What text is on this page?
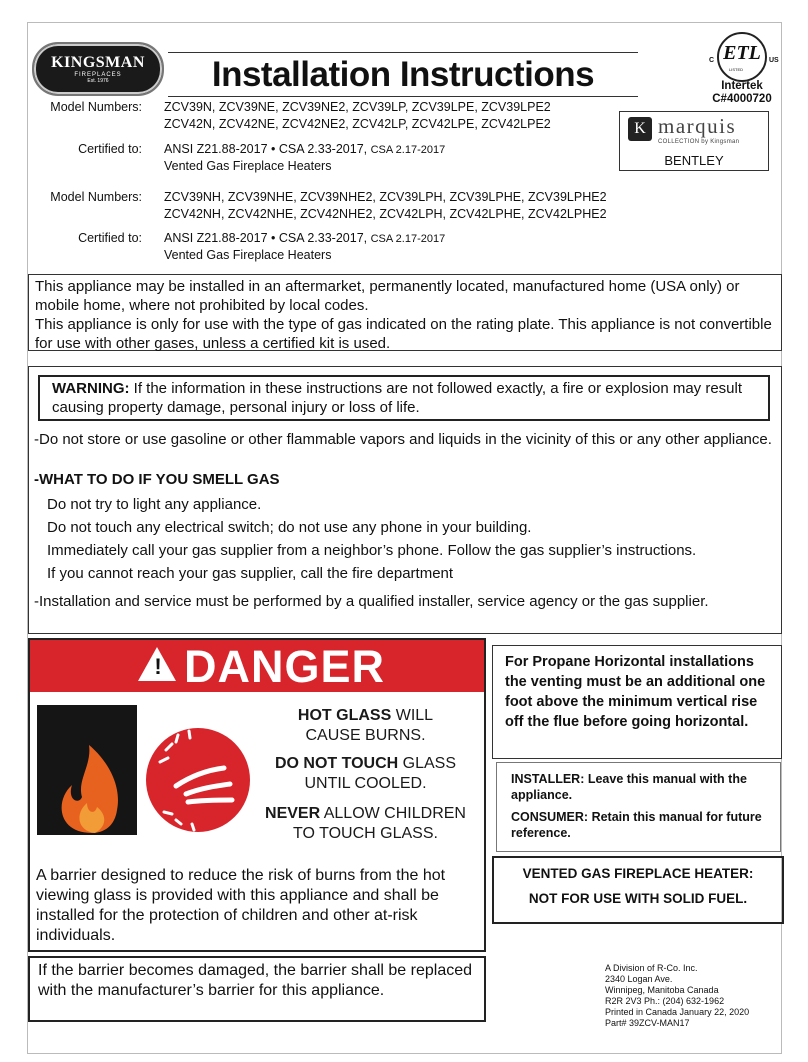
KINGSMAN
FIREPLACES
Est. 1976	Installation Instructions
ETL
C	US
LISTED
Intertek
C#4000720
K marquis
COLLECTION by Kingsman
BENTLEY
Model Numbers: ZCV39N, ZCV39NE, ZCV39NE2, ZCV39LP, ZCV39LPE, ZCV39LPE2
ZCV42N, ZCV42NE, ZCV42NE2, ZCV42LP, ZCV42LPE, ZCV42LPE2
Certified to: ANSI Z21.88-2017 • CSA 2.33-2017, CSA 2.17-2017
Vented Gas Fireplace Heaters
Model Numbers: ZCV39NH, ZCV39NHE, ZCV39NHE2, ZCV39LPH, ZCV39LPHE, ZCV39LPHE2
ZCV42NH, ZCV42NHE, ZCV42NHE2, ZCV42LPH, ZCV42LPHE, ZCV42LPHE2
Certified to: ANSI Z21.88-2017 • CSA 2.33-2017, CSA 2.17-2017
Vented Gas Fireplace Heaters
This appliance may be installed in an aftermarket, permanently located, manufactured home (USA only) or mobile home, where not prohibited by local codes.
This appliance is only for use with the type of gas indicated on the rating plate. This appliance is not convertible for use with other gases, unless a certified kit is used.
WARNING: If the information in these instructions are not followed exactly, a fire or explosion may result causing property damage, personal injury or loss of life.
-Do not store or use gasoline or other flammable vapors and liquids in the vicinity of this or any other appliance.
-WHAT TO DO IF YOU SMELL GAS
Do not try to light any appliance.
Do not touch any electrical switch; do not use any phone in your building.
Immediately call your gas supplier from a neighbor’s phone. Follow the gas supplier’s instructions.
If you cannot reach your gas supplier, call the fire department
-Installation and service must be performed by a qualified installer, service agency or the gas supplier.
! DANGER
HOT GLASS WILL
CAUSE BURNS.
DO NOT TOUCH GLASS
UNTIL COOLED.
NEVER ALLOW CHILDREN
TO TOUCH GLASS.
A barrier designed to reduce the risk of burns from the hot viewing glass is provided with this appliance and shall be installed for the protection of children and other at-risk individuals.
If the barrier becomes damaged, the barrier shall be replaced with the manufacturer’s barrier for this appliance.
For Propane Horizontal installations the venting must be an additional one foot above the minimum vertical rise off the flue before going horizontal.
INSTALLER: Leave this manual with the appliance.
CONSUMER: Retain this manual for future reference.
VENTED GAS FIREPLACE HEATER:
NOT FOR USE WITH SOLID FUEL.
A Division of R-Co. Inc.
2340 Logan Ave.
Winnipeg, Manitoba Canada
R2R 2V3 Ph.: (204) 632-1962
Printed in Canada January 22, 2020
Part# 39ZCV-MAN17
